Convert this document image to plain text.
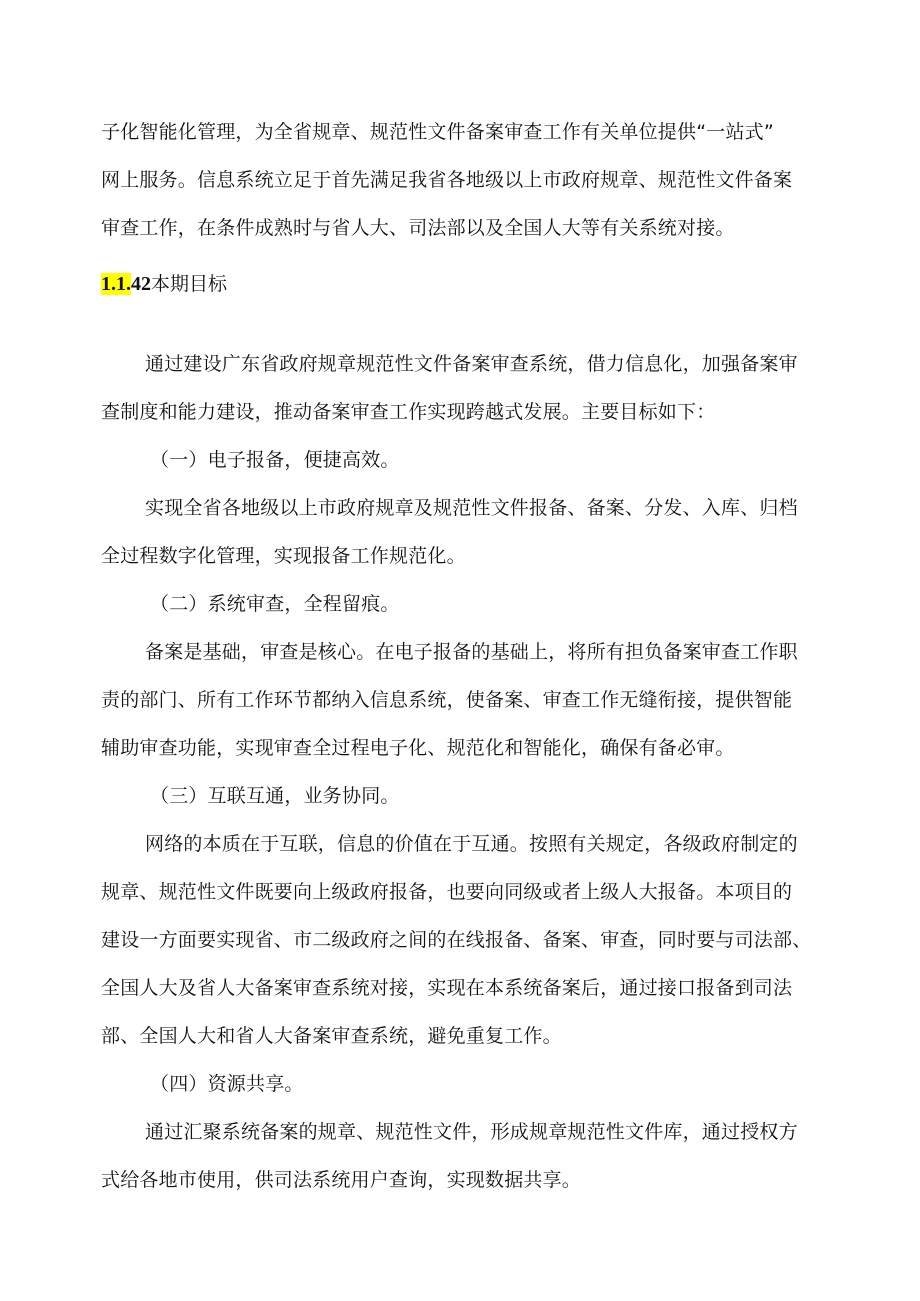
子化智能化管理，为全省规章、规范性文件备案审查工作有关单位提供“一站式”
网上服务。信息系统立足于首先满足我省各地级以上市政府规章、规范性文件备案
审查工作，在条件成熟时与省人大、司法部以及全国人大等有关系统对接。
1.1.42本期目标
通过建设广东省政府规章规范性文件备案审查系统，借力信息化，加强备案审
查制度和能力建设，推动备案审查工作实现跨越式发展。主要目标如下：
（一）电子报备，便捷高效。
实现全省各地级以上市政府规章及规范性文件报备、备案、分发、入库、归档
全过程数字化管理，实现报备工作规范化。
（二）系统审查，全程留痕。
备案是基础，审查是核心。在电子报备的基础上，将所有担负备案审查工作职
责的部门、所有工作环节都纳入信息系统，使备案、审查工作无缝衔接，提供智能
辅助审查功能，实现审查全过程电子化、规范化和智能化，确保有备必审。
（三）互联互通，业务协同。
网络的本质在于互联，信息的价值在于互通。按照有关规定，各级政府制定的
规章、规范性文件既要向上级政府报备，也要向同级或者上级人大报备。本项目的
建设一方面要实现省、市二级政府之间的在线报备、备案、审查，同时要与司法部、
全国人大及省人大备案审查系统对接，实现在本系统备案后，通过接口报备到司法
部、全国人大和省人大备案审查系统，避免重复工作。
（四）资源共享。
通过汇聚系统备案的规章、规范性文件，形成规章规范性文件库，通过授权方
式给各地市使用，供司法系统用户查询，实现数据共享。
